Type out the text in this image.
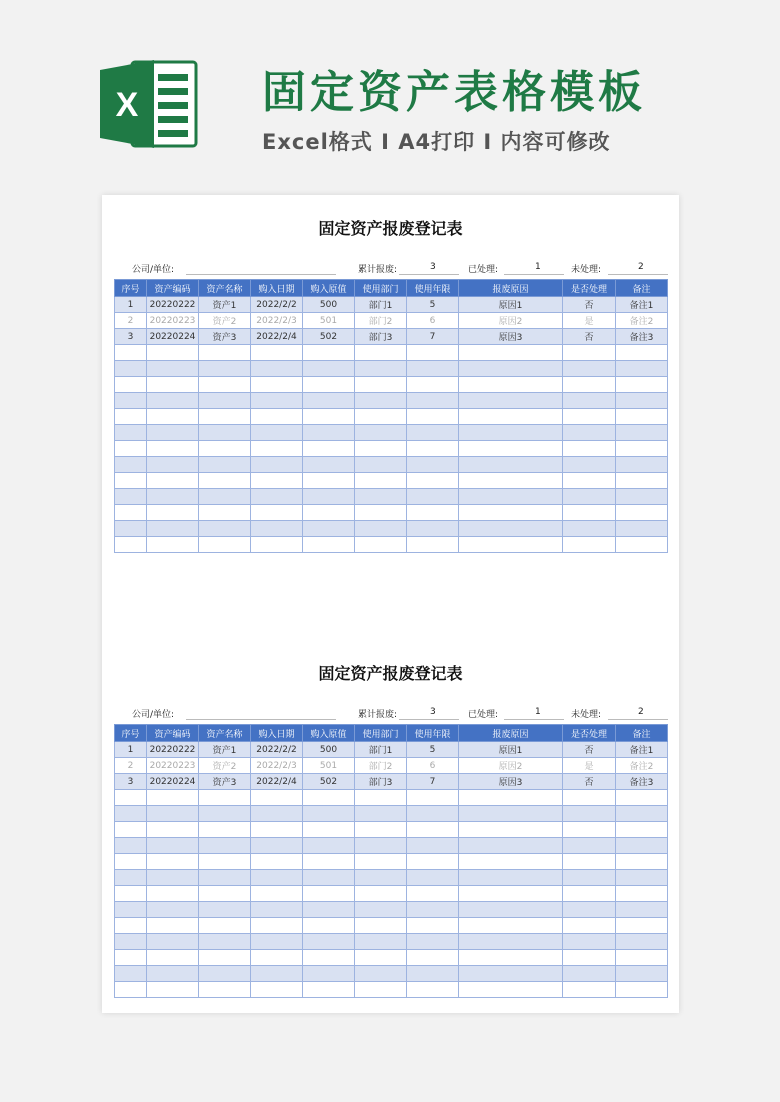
X	固定资产表格模板
Excel格式 I A4打印 I 内容可修改
固定资产报废登记表
公司/单位:	累计报废:	3	已处理:	1	未处理:	2
序号	资产编码	资产名称	购入日期	购入原值	使用部门	使用年限	报废原因	是否处理	备注
1	20220222	资产1	2022/2/2	500	部门1	5	原因1	否	备注1
2	20220223	资产2	2022/2/3	501	部门2	6	原因2	是	备注2
3	20220224	资产3	2022/2/4	502	部门3	7	原因3	否	备注3

固定资产报废登记表
公司/单位:	累计报废:	3	已处理:	1	未处理:	2
序号	资产编码	资产名称	购入日期	购入原值	使用部门	使用年限	报废原因	是否处理	备注
1	20220222	资产1	2022/2/2	500	部门1	5	原因1	否	备注1
2	20220223	资产2	2022/2/3	501	部门2	6	原因2	是	备注2
3	20220224	资产3	2022/2/4	502	部门3	7	原因3	否	备注3
